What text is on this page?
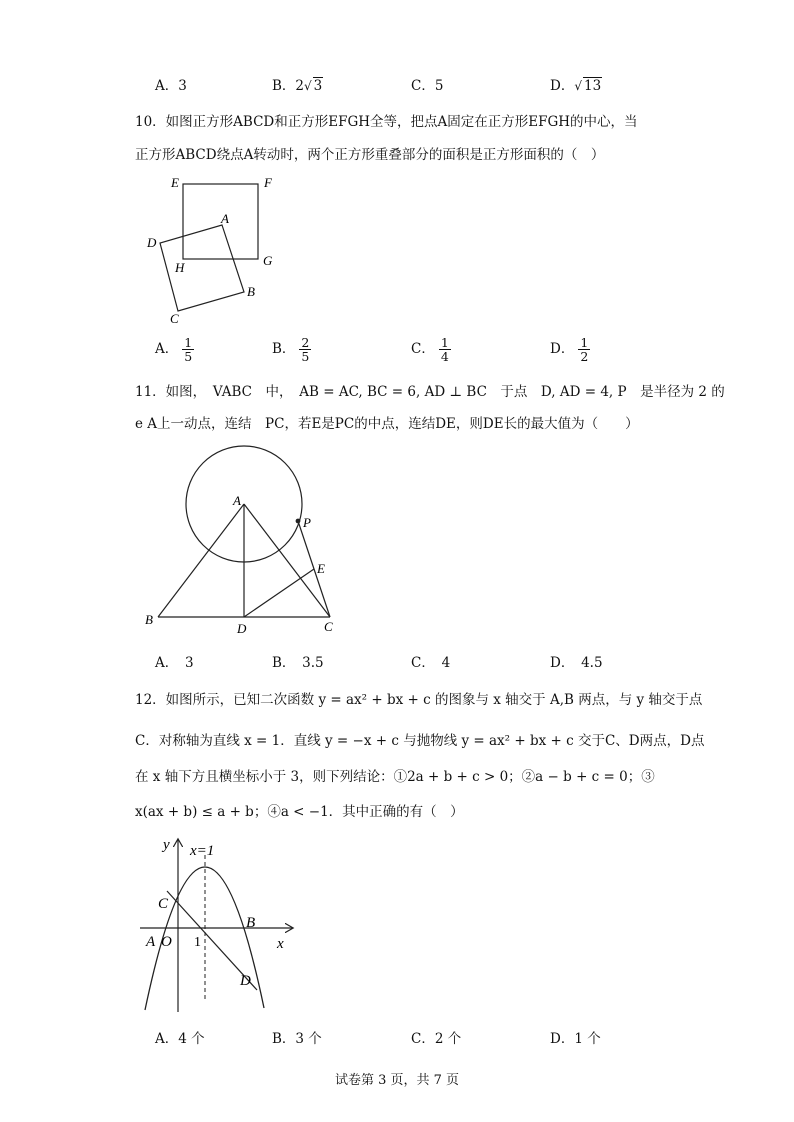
A．3	B．2√ 3	C．5	D．√ 13
10．如图正方形ABCD和正方形EFGH全等，把点A固定在正方形EFGH的中心，当
正方形ABCD绕点A转动时，两个正方形重叠部分的面积是正方形面积的（　）
E	F
G
H
A
B
C
D
A． $\frac{1}{5}$	B． $\frac{2}{5}$	C． $\frac{1}{4}$	D． $\frac{1}{2}$
11．如图，　VABC　中，　AB = AC, BC = 6, AD ⊥ BC　于点　D, AD = 4, P　是半径为 2 的
e A上一动点，连结　PC，若E是PC的中点，连结DE，则DE长的最大值为（　　）
A
P
E
B
D	C
A．　3	B．　3.5	C．　4	D．　4.5
12．如图所示，已知二次函数 y = ax² + bx + c 的图象与 x 轴交于 A,B 两点，与 y 轴交于点
C．对称轴为直线 x = 1．直线 y = −x + c 与抛物线 y = ax² + bx + c 交于C、D两点，D点
在 x 轴下方且横坐标小于 3，则下列结论：①2a + b + c > 0；②a − b + c = 0；③
x(ax + b) ≤ a + b；④a < −1．其中正确的有（　）
y
x
x=1
C
B
A O 1
D
A．4 个	B．3 个	C．2 个	D．1 个
试卷第 3 页，共 7 页
